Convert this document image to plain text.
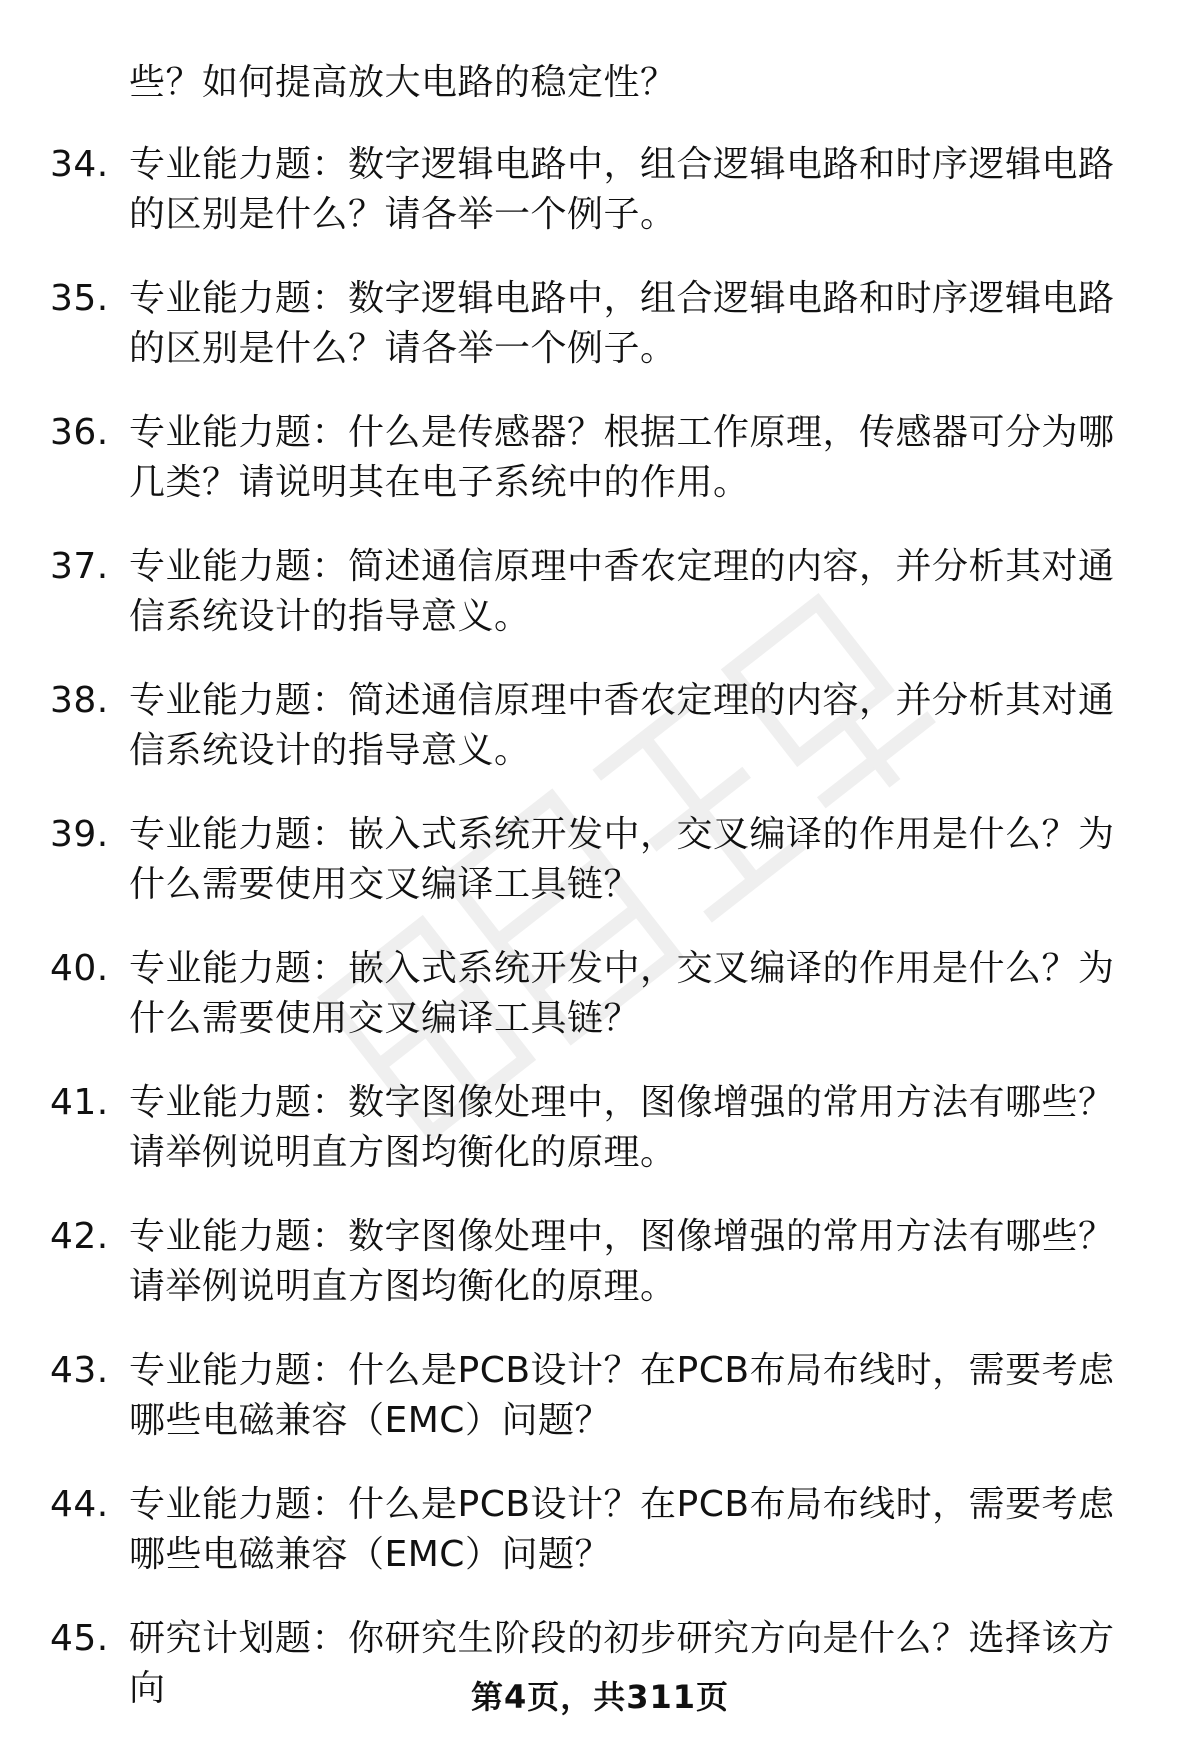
些？如何提高放大电路的稳定性？
34. 专业能力题：数字逻辑电路中，组合逻辑电路和时序逻辑电路的区别是什么？请各举一个例子。
35. 专业能力题：数字逻辑电路中，组合逻辑电路和时序逻辑电路的区别是什么？请各举一个例子。
36. 专业能力题：什么是传感器？根据工作原理，传感器可分为哪几类？请说明其在电子系统中的作用。
37. 专业能力题：简述通信原理中香农定理的内容，并分析其对通信系统设计的指导意义。
38. 专业能力题：简述通信原理中香农定理的内容，并分析其对通信系统设计的指导意义。
39. 专业能力题：嵌入式系统开发中，交叉编译的作用是什么？为什么需要使用交叉编译工具链？
40. 专业能力题：嵌入式系统开发中，交叉编译的作用是什么？为什么需要使用交叉编译工具链？
41. 专业能力题：数字图像处理中，图像增强的常用方法有哪些？请举例说明直方图均衡化的原理。
42. 专业能力题：数字图像处理中，图像增强的常用方法有哪些？请举例说明直方图均衡化的原理。
43. 专业能力题：什么是PCB设计？在PCB布局布线时，需要考虑哪些电磁兼容（EMC）问题？
44. 专业能力题：什么是PCB设计？在PCB布局布线时，需要考虑哪些电磁兼容（EMC）问题？
45. 研究计划题：你研究生阶段的初步研究方向是什么？选择该方向	第4页，共311页
